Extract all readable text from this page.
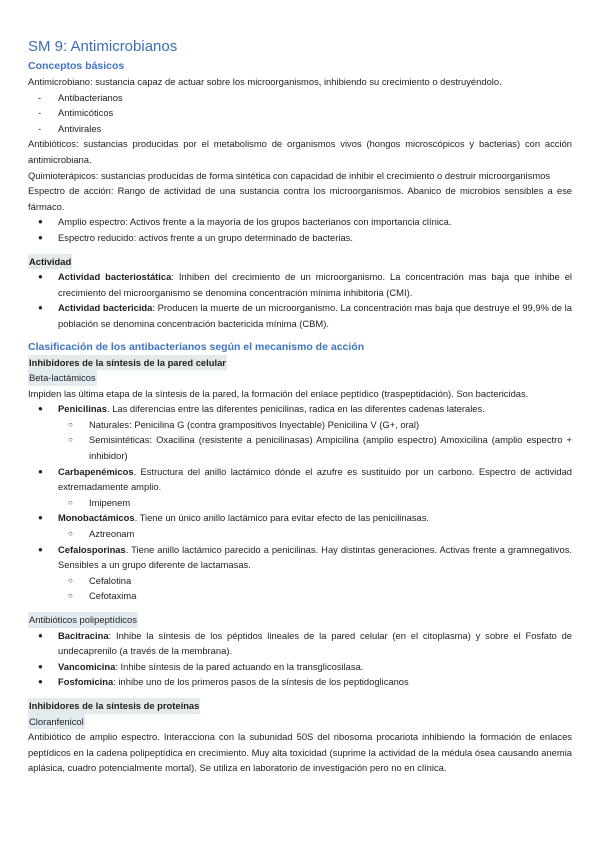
SM 9: Antimicrobianos
Conceptos básicos

Antimicrobiano: sustancia capaz de actuar sobre los microorganismos, inhibiendo su crecimiento o destruyéndolo.

- Antibacterianos
- Antimicóticos
- Antivirales

Antibióticos: sustancias producidas por el metabolismo de organismos vivos (hongos microscópicos y bacterias) con acción antimicrobiana.

Quimioterápicos: sustancias producidas de forma sintética con capacidad de inhibir el crecimiento o destruir microorganismos

Espectro de acción: Rango de actividad de una sustancia contra los microorganismos. Abanico de microbios sensibles a ese fármaco.

● Amplio espectro: Activos frente a la mayoría de los grupos bacterianos con importancia clínica.
● Espectro reducido: activos frente a un grupo determinado de bacterias.
Actividad
● Actividad bacteriostática: Inhiben del crecimiento de un microorganismo. La concentración mas baja que inhibe el crecimiento del microorganismo se denomina concentración mínima inhibitoria (CMI).
● Actividad bactericida: Producen la muerte de un microorganismo. La concentración mas baja que destruye el 99,9% de la población se denomina concentración bactericida mínima (CBM).
Clasificación de los antibacterianos según el mecanismo de acción
Inhibidores de la síntesis de la pared celular
Beta-lactámicos

Impiden las última etapa de la síntesis de la pared, la formación del enlace peptídico (traspeptidación). Son bactericidas.

● Penicilinas. Las diferencias entre las diferentes penicilinas, radica en las diferentes cadenas laterales.
○ Naturales: Penicilina G (contra grampositivos Inyectable) Penicilina V (G+, oral)
○ Semisintéticas: Oxacilina (resistente a penicilinasas) Ampicilina (amplio espectro) Amoxicilina (amplio espectro + inhibidor)
● Carbapenémicos. Estructura del anillo lactámico dónde el azufre es sustituido por un carbono. Espectro de actividad extremadamente amplio.
○ Imipenem
● Monobactámicos. Tiene un único anillo lactámico para evitar efecto de las penicilinasas.
○ Aztreonam
● Cefalosporinas. Tiene anillo lactámico parecido a penicilinas. Hay distintas generaciones. Activas frente a gramnegativos. Sensibles a un grupo diferente de lactamasas.
○ Cefalotina
○ Cefotaxima
Antibióticos polipeptídicos
● Bacitracina: Inhibe la síntesis de los péptidos lineales de la pared celular (en el citoplasma) y sobre el Fosfato de undecaprenilo (a través de la membrana).
● Vancomicina: Inhibe síntesis de la pared actuando en la transglicosilasa.
● Fosfomicina: inhibe uno de los primeros pasos de la síntesis de los peptidoglicanos
Inhibidores de la síntesis de proteínas
Cloranfenicol

Antibiótico de amplio espectro. Interacciona con la subunidad 50S del ribosoma procariota inhibiendo la formación de enlaces peptídicos en la cadena polipeptídica en crecimiento. Muy alta toxicidad (suprime la actividad de la médula ósea causando anemia aplásica, cuadro potencialmente mortal). Se utiliza en laboratorio de investigación pero no en clínica.
